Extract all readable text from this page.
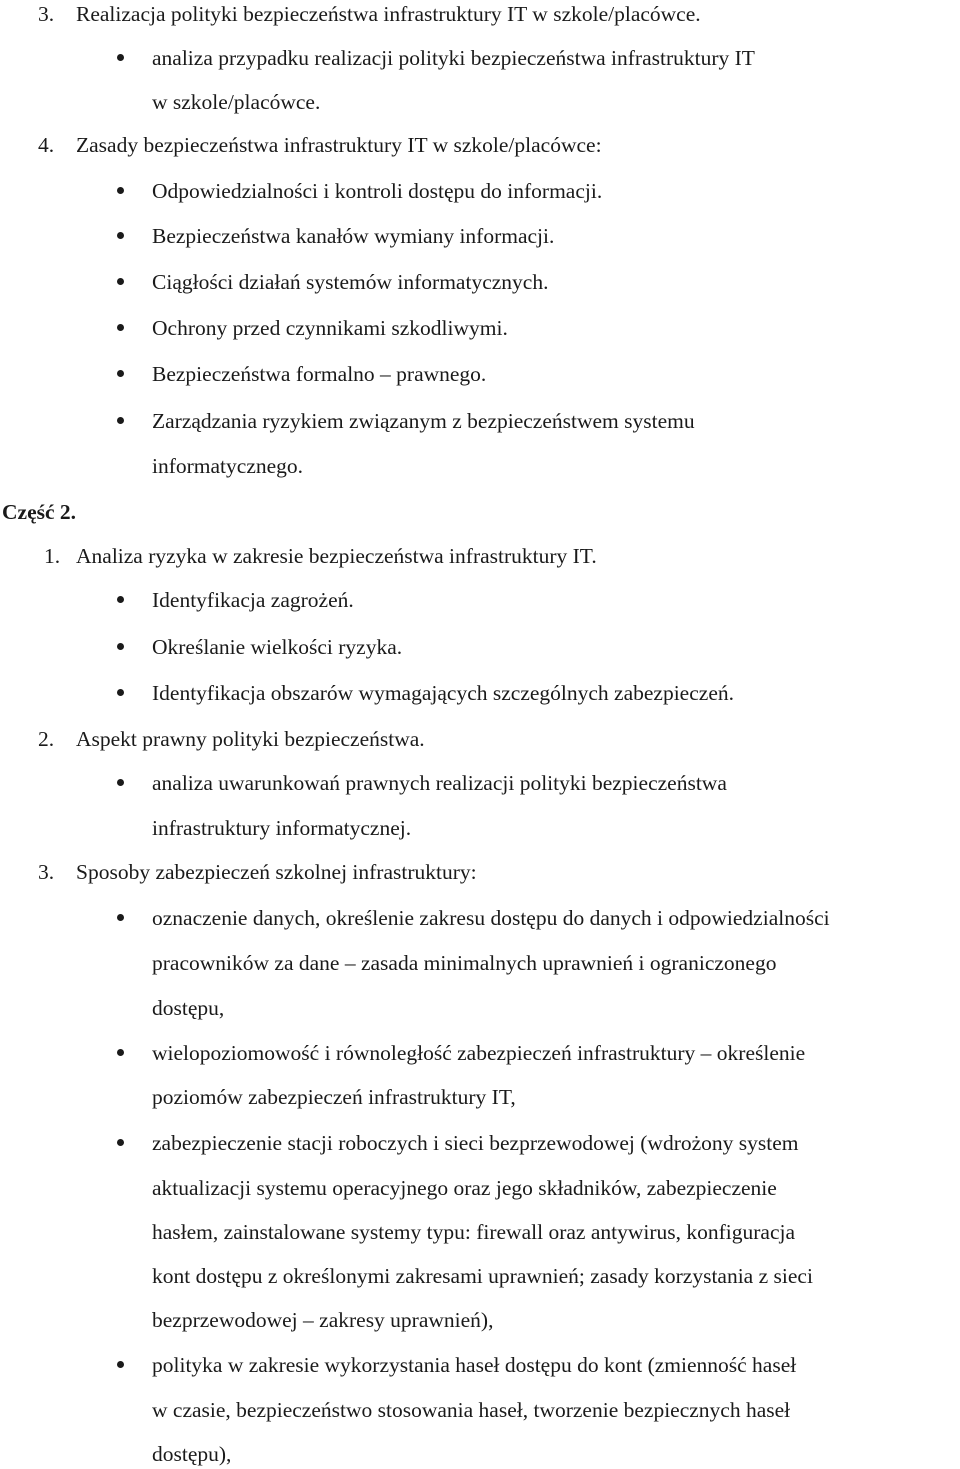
3. Realizacja polityki bezpieczeństwa infrastruktury IT w szkole/placówce.
analiza przypadku realizacji polityki bezpieczeństwa infrastruktury IT
w szkole/placówce.
4. Zasady bezpieczeństwa infrastruktury IT w szkole/placówce:
Odpowiedzialności i kontroli dostępu do informacji.
Bezpieczeństwa kanałów wymiany informacji.
Ciągłości działań systemów informatycznych.
Ochrony przed czynnikami szkodliwymi.
Bezpieczeństwa formalno – prawnego.
Zarządzania ryzykiem związanym z bezpieczeństwem systemu
informatycznego.
Część 2.
1. Analiza ryzyka w zakresie bezpieczeństwa infrastruktury IT.
Identyfikacja zagrożeń.
Określanie wielkości ryzyka.
Identyfikacja obszarów wymagających szczególnych zabezpieczeń.
2. Aspekt prawny polityki bezpieczeństwa.
analiza uwarunkowań prawnych realizacji polityki bezpieczeństwa
infrastruktury informatycznej.
3. Sposoby zabezpieczeń szkolnej infrastruktury:
oznaczenie danych, określenie zakresu dostępu do danych i odpowiedzialności
pracowników za dane – zasada minimalnych uprawnień i ograniczonego
dostępu,
wielopoziomowość i równoległość zabezpieczeń infrastruktury – określenie
poziomów zabezpieczeń infrastruktury IT,
zabezpieczenie stacji roboczych i sieci bezprzewodowej (wdrożony system
aktualizacji systemu operacyjnego oraz jego składników, zabezpieczenie
hasłem, zainstalowane systemy typu: firewall oraz antywirus, konfiguracja
kont dostępu z określonymi zakresami uprawnień; zasady korzystania z sieci
bezprzewodowej – zakresy uprawnień),
polityka w zakresie wykorzystania haseł dostępu do kont (zmienność haseł
w czasie, bezpieczeństwo stosowania haseł, tworzenie bezpiecznych haseł
dostępu),
